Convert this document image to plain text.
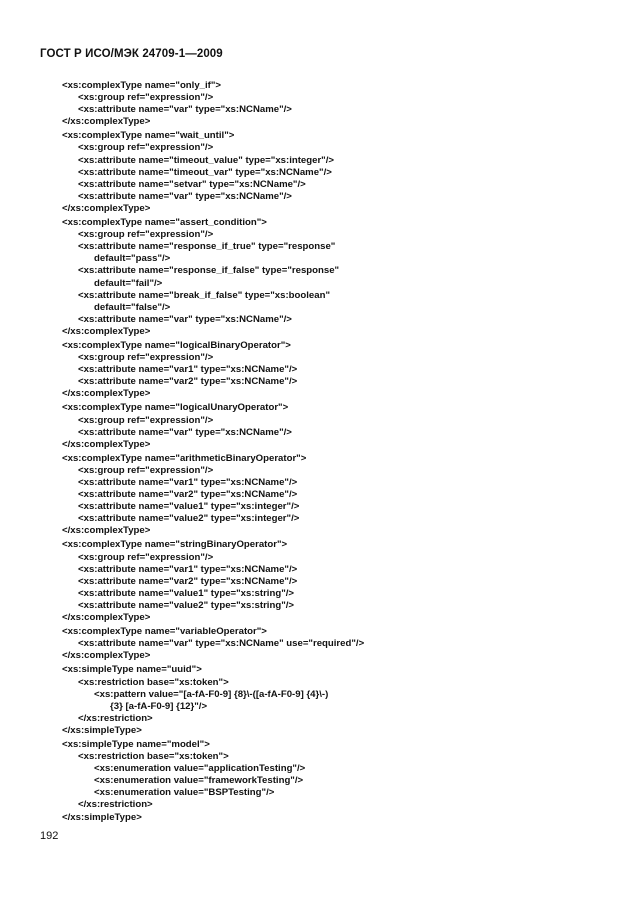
ГОСТ Р ИСО/МЭК 24709-1—2009
<xs:complexType name="only_if">
<xs:group ref="expression"/>
<xs:attribute name="var" type="xs:NCName"/>
</xs:complexType>
<xs:complexType name="wait_until">
<xs:group ref="expression"/>
<xs:attribute name="timeout_value" type="xs:integer"/>
<xs:attribute name="timeout_var" type="xs:NCName"/>
<xs:attribute name="setvar" type="xs:NCName"/>
<xs:attribute name="var" type="xs:NCName"/>
</xs:complexType>
<xs:complexType name="assert_condition">
<xs:group ref="expression"/>
<xs:attribute name="response_if_true" type="response"
default="pass"/>
<xs:attribute name="response_if_false" type="response"
default="fail"/>
<xs:attribute name="break_if_false" type="xs:boolean"
default="false"/>
<xs:attribute name="var" type="xs:NCName"/>
</xs:complexType>
<xs:complexType name="logicalBinaryOperator">
<xs:group ref="expression"/>
<xs:attribute name="var1" type="xs:NCName"/>
<xs:attribute name="var2" type="xs:NCName"/>
</xs:complexType>
<xs:complexType name="logicalUnaryOperator">
<xs:group ref="expression"/>
<xs:attribute name="var" type="xs:NCName"/>
</xs:complexType>
<xs:complexType name="arithmeticBinaryOperator">
<xs:group ref="expression"/>
<xs:attribute name="var1" type="xs:NCName"/>
<xs:attribute name="var2" type="xs:NCName"/>
<xs:attribute name="value1" type="xs:integer"/>
<xs:attribute name="value2" type="xs:integer"/>
</xs:complexType>
<xs:complexType name="stringBinaryOperator">
<xs:group ref="expression"/>
<xs:attribute name="var1" type="xs:NCName"/>
<xs:attribute name="var2" type="xs:NCName"/>
<xs:attribute name="value1" type="xs:string"/>
<xs:attribute name="value2" type="xs:string"/>
</xs:complexType>
<xs:complexType name="variableOperator">
<xs:attribute name="var" type="xs:NCName" use="required"/>
</xs:complexType>
<xs:simpleType name="uuid">
<xs:restriction base="xs:token">
<xs:pattern value="[a-fA-F0-9] {8}\-([a-fA-F0-9] {4}\-)
{3} [a-fA-F0-9] {12}"/>
</xs:restriction>
</xs:simpleType>
<xs:simpleType name="model">
<xs:restriction base="xs:token">
<xs:enumeration value="applicationTesting"/>
<xs:enumeration value="frameworkTesting"/>
<xs:enumeration value="BSPTesting"/>
</xs:restriction>
</xs:simpleType>
192
